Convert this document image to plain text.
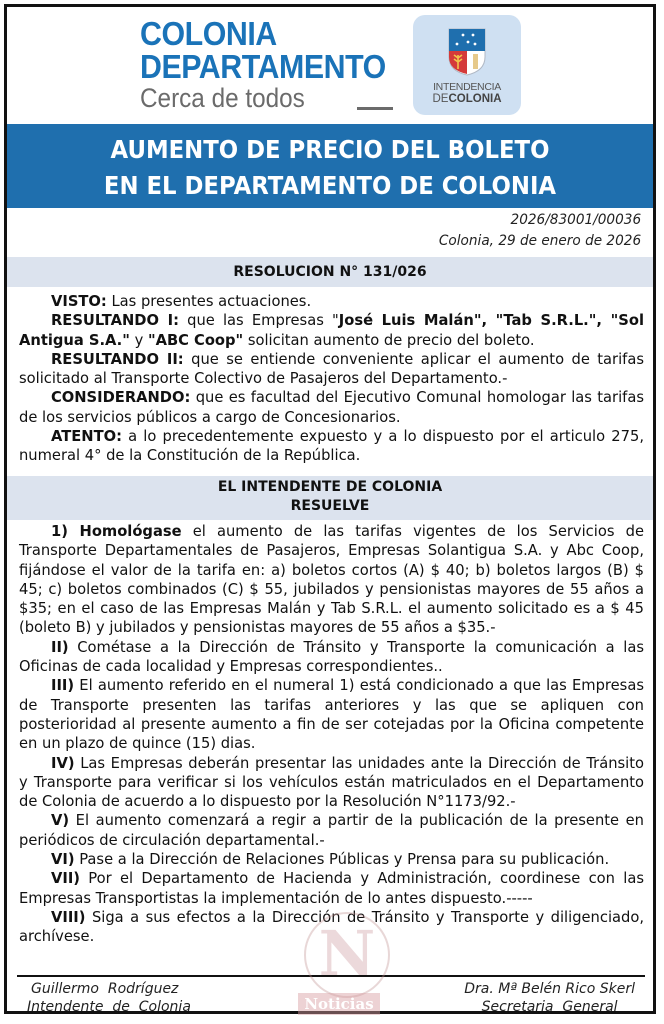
COLONIA
DEPARTAMENTO
Cerca de todos	INTENDENCIA
DECOLONIA
AUMENTO DE PRECIO DEL BOLETO
EN EL DEPARTAMENTO DE COLONIA
2026/83001/00036
Colonia, 29 de enero de 2026
RESOLUCION N° 131/026

VISTO: Las presentes actuaciones.

RESULTANDO I: que las Empresas "José Luis Malán", "Tab S.R.L.", "Sol Antigua S.A." y "ABC Coop" solicitan aumento de precio del boleto.

RESULTANDO II: que se entiende conveniente aplicar el aumento de tarifas solicitado al Transporte Colectivo de Pasajeros del Departamento.-

CONSIDERANDO: que es facultad del Ejecutivo Comunal homologar las tarifas de los servicios públicos a cargo de Concesionarios.

ATENTO: a lo precedentemente expuesto y a lo dispuesto por el articulo 275, numeral 4° de la Constitución de la República.

EL INTENDENTE DE COLONIA
RESUELVE

1) Homológase el aumento de las tarifas vigentes de los Servicios de Transporte Departamentales de Pasajeros, Empresas Solantigua S.A. y Abc Coop, fijándose el valor de la tarifa en: a) boletos cortos (A) $ 40; b) boletos largos (B) $ 45; c) boletos combinados (C) $ 55, jubilados y pensionistas mayores de 55 años a $35; en el caso de las Empresas Malán y Tab S.R.L. el aumento solicitado es a $ 45 (boleto B) y jubilados y pensionistas mayores de 55 años a $35.-

II) Cométase a la Dirección de Tránsito y Transporte la comunicación a las Oficinas de cada localidad y Empresas correspondientes..

III) El aumento referido en el numeral 1) está condicionado a que las Empresas de Transporte presenten las tarifas anteriores y las que se apliquen con posterioridad al presente aumento a fin de ser cotejadas por la Oficina competente en un plazo de quince (15) dias.

IV) Las Empresas deberán presentar las unidades ante la Dirección de Tránsito y Transporte para verificar si los vehículos están matriculados en el Departamento de Colonia de acuerdo a lo dispuesto por la Resolución N°1173/92.-

V) El aumento comenzará a regir a partir de la publicación de la presente en periódicos de circulación departamental.-

VI) Pase a la Dirección de Relaciones Públicas y Prensa para su publicación.

VII) Por el Departamento de Hacienda y Administración, coordinese con las Empresas Transportistas la implementación de lo antes dispuesto.-----

VIII) Siga a sus efectos a la Dirección de Tránsito y Transporte y diligenciado, archívese.

Guillermo  Rodríguez
Intendente  de  Colonia
Dra. Mª Belén Rico Skerl
Secretaria  General
N
Noticias
